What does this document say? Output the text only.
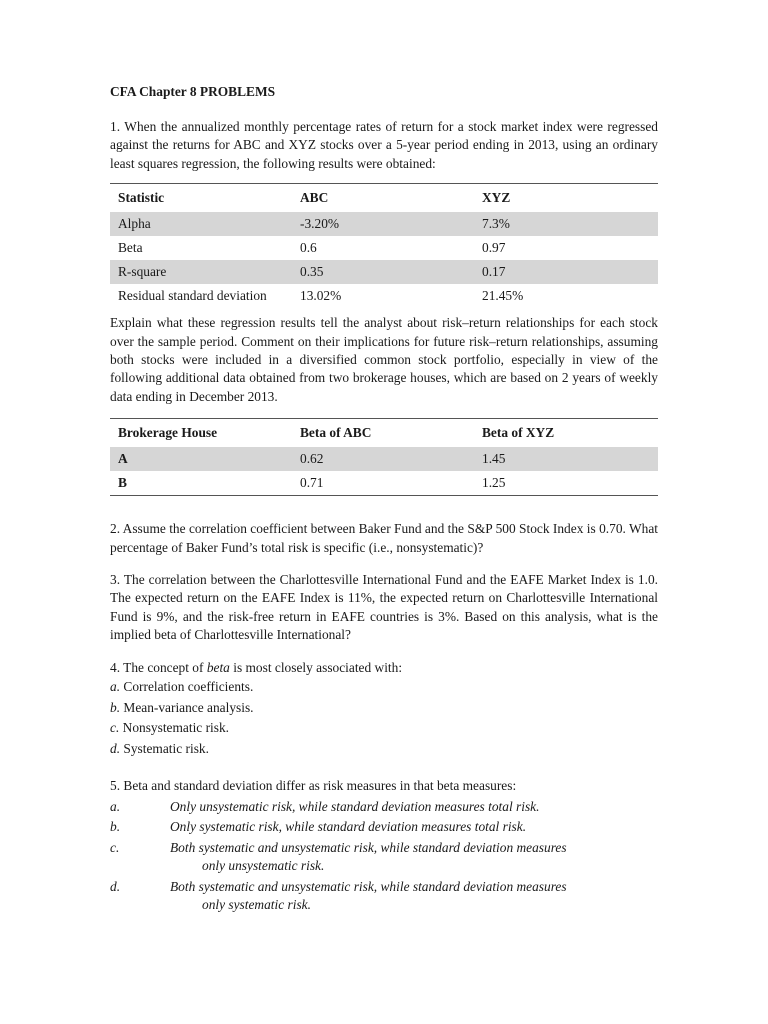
CFA Chapter 8 PROBLEMS

1. When the annualized monthly percentage rates of return for a stock market index were regressed against the returns for ABC and XYZ stocks over a 5-year period ending in 2013, using an ordinary least squares regression, the following results were obtained:

Statistic	ABC	XYZ
Alpha	-3.20%	7.3%
Beta	0.6	0.97
R-square	0.35	0.17
Residual standard deviation	13.02%	21.45%

Explain what these regression results tell the analyst about risk–return relationships for each stock over the sample period. Comment on their implications for future risk–return relationships, assuming both stocks were included in a diversified common stock portfolio, especially in view of the following additional data obtained from two brokerage houses, which are based on 2 years of weekly data ending in December 2013.

Brokerage House	Beta of ABC	Beta of XYZ
A	0.62	1.45
B	0.71	1.25

2. Assume the correlation coefficient between Baker Fund and the S&P 500 Stock Index is 0.70. What percentage of Baker Fund’s total risk is specific (i.e., nonsystematic)?

3. The correlation between the Charlottesville International Fund and the EAFE Market Index is 1.0. The expected return on the EAFE Index is 11%, the expected return on Charlottesville International Fund is 9%, and the risk-free return in EAFE countries is 3%. Based on this analysis, what is the implied beta of Charlottesville International?

4. The concept of beta is most closely associated with:

a. Correlation coefficients.
b. Mean-variance analysis.
c. Nonsystematic risk.
d. Systematic risk.

5. Beta and standard deviation differ as risk measures in that beta measures:

a.	Only unsystematic risk, while standard deviation measures total risk.
b.	Only systematic risk, while standard deviation measures total risk.
c.	Both systematic and unsystematic risk, while standard deviation measures
only unsystematic risk.
d.	Both systematic and unsystematic risk, while standard deviation measures
only systematic risk.
